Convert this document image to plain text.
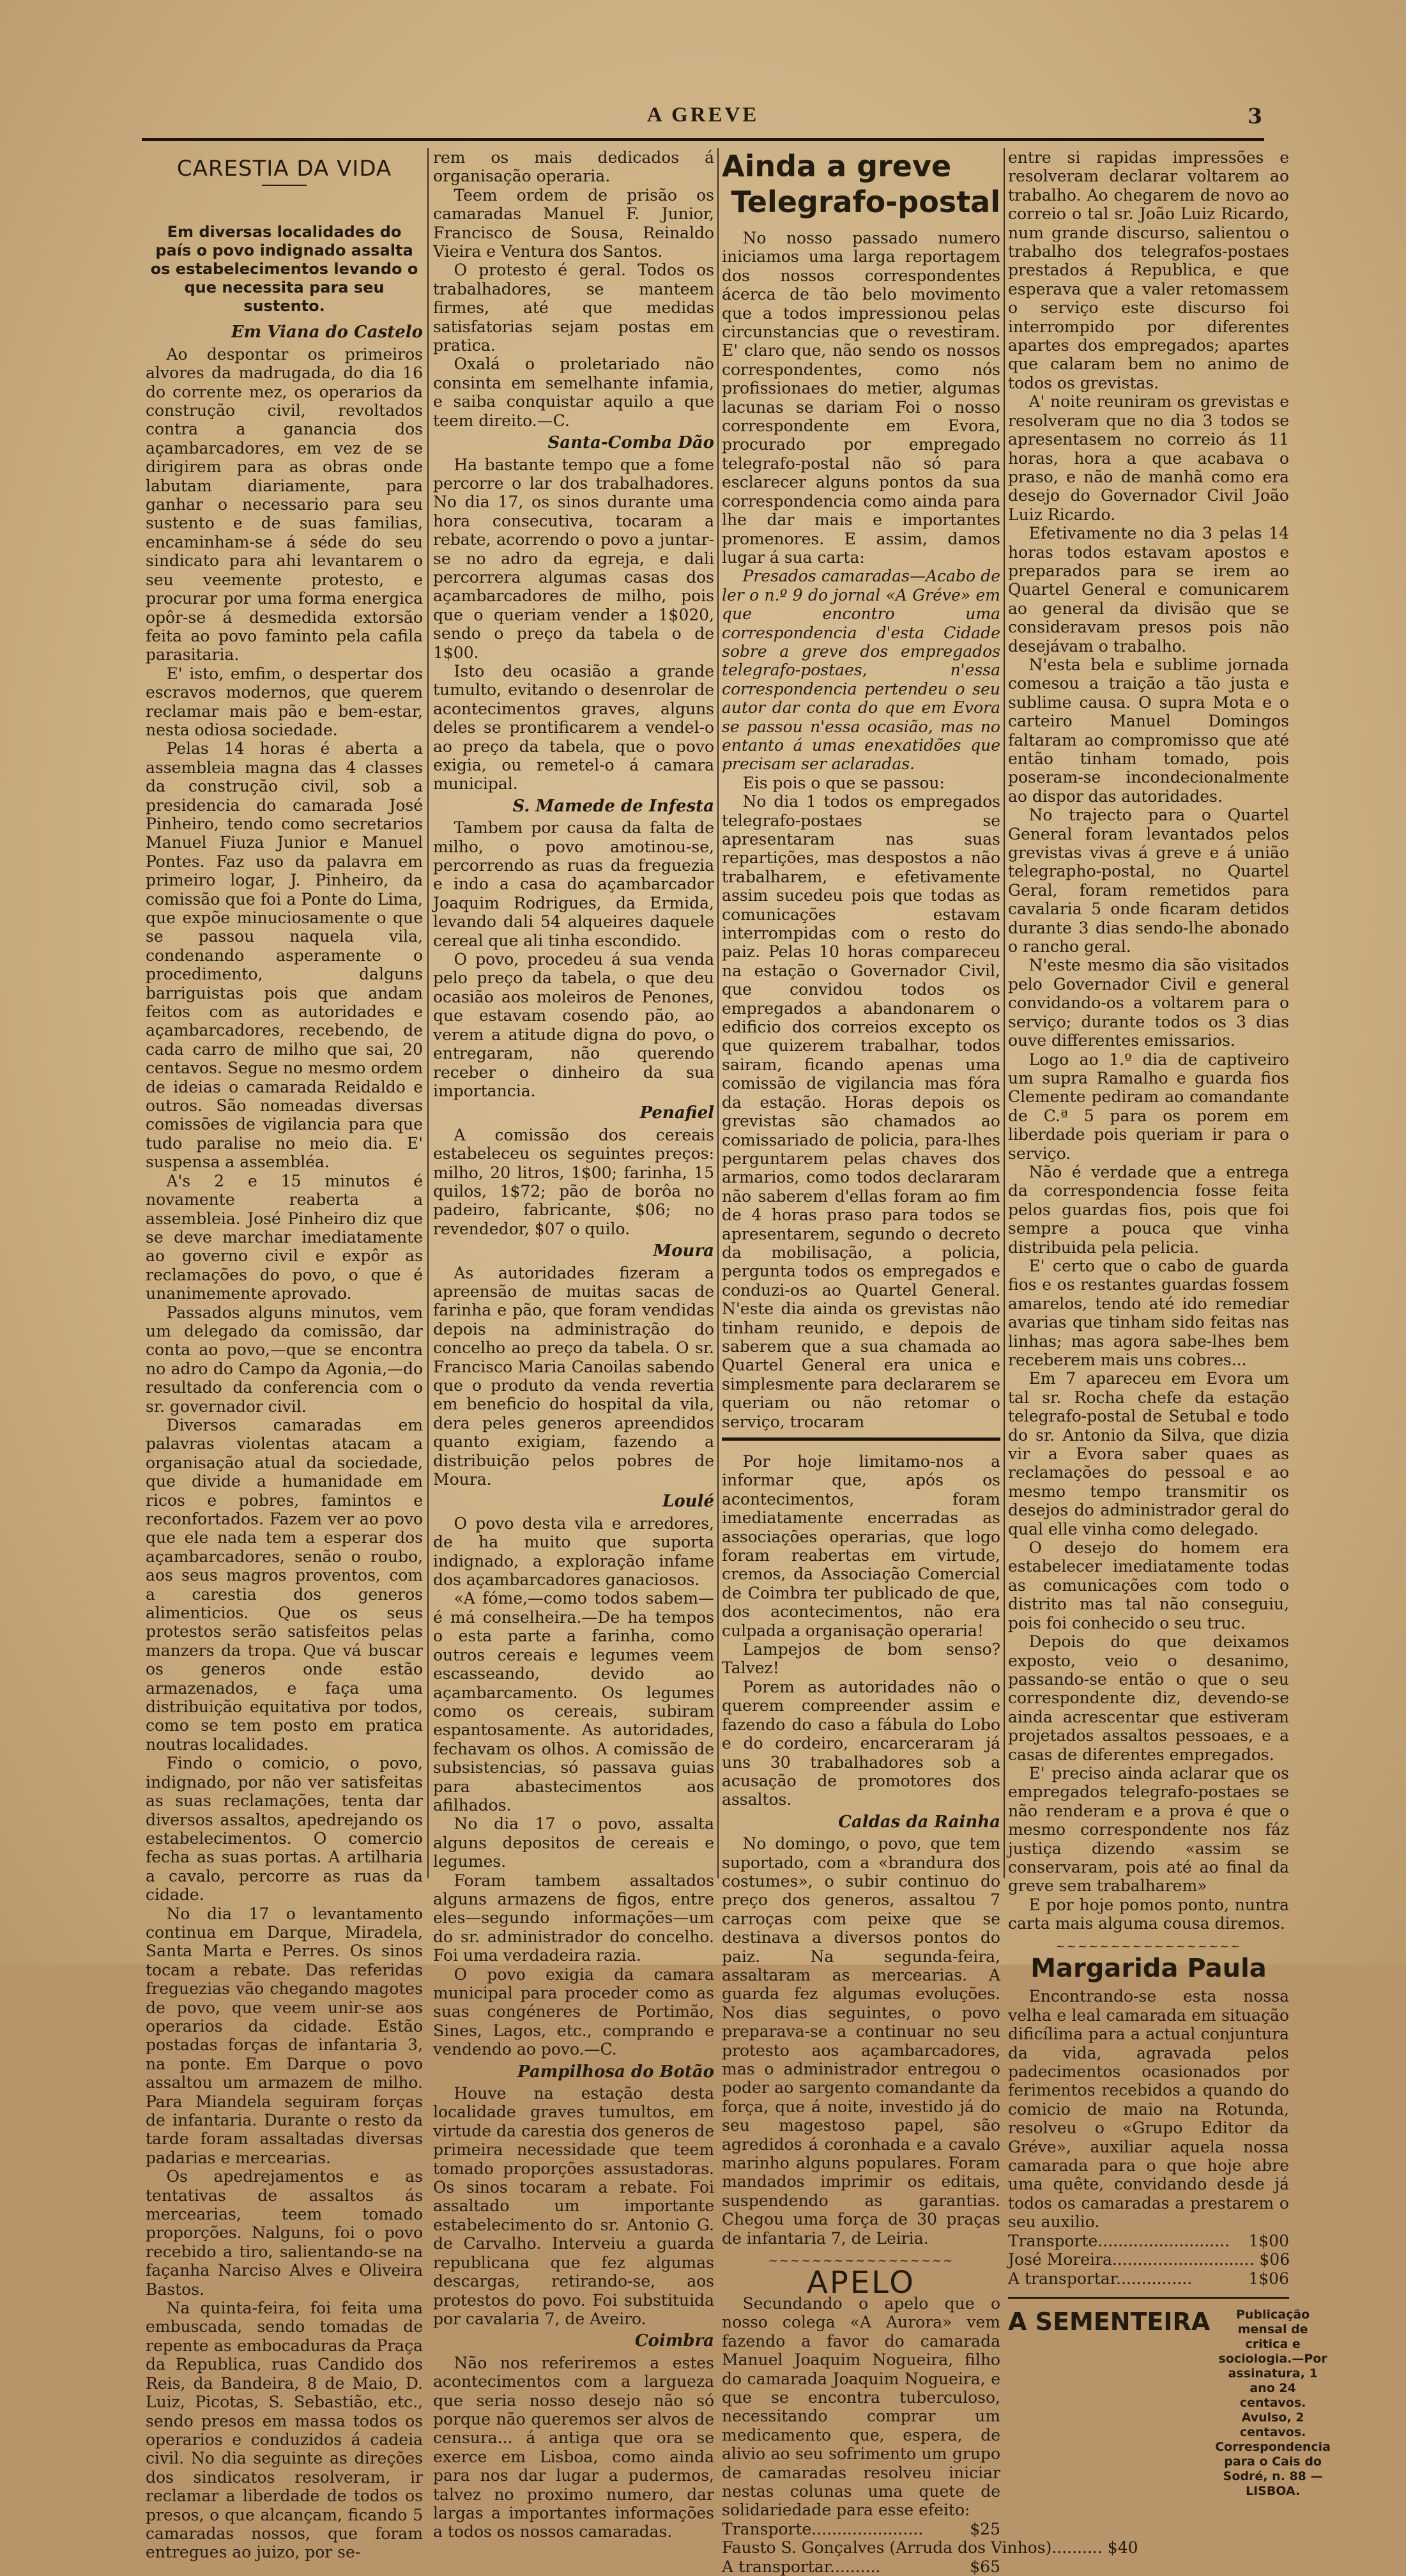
A GREVE	3
CARESTIA DA VIDA
Em diversas localidades do país o povo indignado assalta os estabelecimentos levando o que necessita para seu sustento.
Em Viana do Castelo

Ao despontar os primeiros alvores da madrugada, do dia 16 do corrente mez, os operarios da construção civil, revoltados contra a ganancia dos açambarcadores, em vez de se dirigirem para as obras onde labutam diariamente, para ganhar o necessario para seu sustento e de suas familias, encaminham-se á séde do seu sindicato para ahi levantarem o seu veemente protesto, e procurar por uma forma energica opôr-se á desmedida extorsão feita ao povo faminto pela cafila parasitaria.

E' isto, emfim, o despertar dos escravos modernos, que querem reclamar mais pão e bem-estar, nesta odiosa sociedade.

Pelas 14 horas é aberta a assembleia magna das 4 classes da construção civil, sob a presidencia do camarada José Pinheiro, tendo como secretarios Manuel Fiuza Junior e Manuel Pontes. Faz uso da palavra em primeiro logar, J. Pinheiro, da comissão que foi a Ponte do Lima, que expõe minuciosamente o que se passou naquela vila, condenando asperamente o procedimento, dalguns barriguistas pois que andam feitos com as autoridades e açambarcadores, recebendo, de cada carro de milho que sai, 20 centavos. Segue no mesmo ordem de ideias o camarada Reidaldo e outros. São nomeadas diversas comissões de vigilancia para que tudo paralise no meio dia. E' suspensa a assembléa.

A's 2 e 15 minutos é novamente reaberta a assembleia. José Pinheiro diz que se deve marchar imediatamente ao governo civil e expôr as reclamações do povo, o que é unanimemente aprovado.

Passados alguns minutos, vem um delegado da comissão, dar conta ao povo,—que se encontra no adro do Campo da Agonia,—do resultado da conferencia com o sr. governador civil.

Diversos camaradas em palavras violentas atacam a organisação atual da sociedade, que divide a humanidade em ricos e pobres, famintos e reconfortados. Fazem ver ao povo que ele nada tem a esperar dos açambarcadores, senão o roubo, aos seus magros proventos, com a carestia dos generos alimenticios. Que os seus protestos serão satisfeitos pelas manzers da tropa. Que vá buscar os generos onde estão armazenados, e faça uma distribuição equitativa por todos, como se tem posto em pratica noutras localidades.

Findo o comicio, o povo, indignado, por não ver satisfeitas as suas reclamações, tenta dar diversos assaltos, apedrejando os estabelecimentos. O comercio fecha as suas portas. A artilharia a cavalo, percorre as ruas da cidade.

No dia 17 o levantamento continua em Darque, Miradela, Santa Marta e Perres. Os sinos tocam a rebate. Das referidas freguezias vão chegando magotes de povo, que veem unir-se aos operarios da cidade. Estão postadas forças de infantaria 3, na ponte. Em Darque o povo assaltou um armazem de milho. Para Miandela seguiram forças de infantaria. Durante o resto da tarde foram assaltadas diversas padarias e mercearias.

Os apedrejamentos e as tentativas de assaltos ás mercearias, teem tomado proporções. Nalguns, foi o povo recebido a tiro, salientando-se na façanha Narciso Alves e Oliveira Bastos.

Na quinta-feira, foi feita uma embuscada, sendo tomadas de repente as embocaduras da Praça da Republica, ruas Candido dos Reis, da Bandeira, 8 de Maio, D. Luiz, Picotas, S. Sebastião, etc., sendo presos em massa todos os operarios e conduzidos á cadeia civil. No dia seguinte as direções dos sindicatos resolveram, ir reclamar a liberdade de todos os presos, o que alcançam, ficando 5 camaradas nossos, que foram entregues ao juizo, por se-

rem os mais dedicados á organisação operaria.

Teem ordem de prisão os camaradas Manuel F. Junior, Francisco de Sousa, Reinaldo Vieira e Ventura dos Santos.

O protesto é geral. Todos os trabalhadores, se manteem firmes, até que medidas satisfatorias sejam postas em pratica.

Oxalá o proletariado não consinta em semelhante infamia, e saiba conquistar aquilo a que teem direito.—C.

Santa-Comba Dão

Ha bastante tempo que a fome percorre o lar dos trabalhadores. No dia 17, os sinos durante uma hora consecutiva, tocaram a rebate, acorrendo o povo a juntar-se no adro da egreja, e dali percorrera algumas casas dos açambarcadores de milho, pois que o queriam vender a 1$020, sendo o preço da tabela o de 1$00.

Isto deu ocasião a grande tumulto, evitando o desenrolar de acontecimentos graves, alguns deles se prontificarem a vendel-o ao preço da tabela, que o povo exigia, ou remetel-o á camara municipal.

S. Mamede de Infesta

Tambem por causa da falta de milho, o povo amotinou-se, percorrendo as ruas da freguezia e indo a casa do açambarcador Joaquim Rodrigues, da Ermida, levando dali 54 alqueires daquele cereal que ali tinha escondido.

O povo, procedeu á sua venda pelo preço da tabela, o que deu ocasião aos moleiros de Penones, que estavam cosendo pão, ao verem a atitude digna do povo, o entregaram, não querendo receber o dinheiro da sua importancia.

Penafiel

A comissão dos cereais estabeleceu os seguintes preços: milho, 20 litros, 1$00; farinha, 15 quilos, 1$72; pão de borôa no padeiro, fabricante, $06; no revendedor, $07 o quilo.

Moura

As autoridades fizeram a apreensão de muitas sacas de farinha e pão, que foram vendidas depois na administração do concelho ao preço da tabela. O sr. Francisco Maria Canoilas sabendo que o produto da venda revertia em beneficio do hospital da vila, dera peles generos apreendidos quanto exigiam, fazendo a distribuição pelos pobres de Moura.

Loulé

O povo desta vila e arredores, de ha muito que suporta indignado, a exploração infame dos açambarcadores ganaciosos.

«A fóme,—como todos sabem—é má conselheira.—De ha tempos o esta parte a farinha, como outros cereais e legumes veem escasseando, devido ao açambarcamento. Os legumes como os cereais, subiram espantosamente. As autoridades, fechavam os olhos. A comissão de subsistencias, só passava guias para abastecimentos aos afilhados.

No dia 17 o povo, assalta alguns depositos de cereais e legumes.

Foram tambem assaltados alguns armazens de figos, entre eles—segundo informações—um do sr. administrador do concelho. Foi uma verdadeira razia.

O povo exigia da camara municipal para proceder como as suas congéneres de Portimão, Sines, Lagos, etc., comprando e vendendo ao povo.—C.

Pampilhosa do Botão

Houve na estação desta localidade graves tumultos, em virtude da carestia dos generos de primeira necessidade que teem tomado proporções assustadoras. Os sinos tocaram a rebate. Foi assaltado um importante estabelecimento do sr. Antonio G. de Carvalho. Interveiu a guarda republicana que fez algumas descargas, retirando-se, aos protestos do povo. Foi substituida por cavalaria 7, de Aveiro.

Coimbra

Não nos referiremos a estes acontecimentos com a largueza que seria nosso desejo não só porque não queremos ser alvos de censura... á antiga que ora se exerce em Lisboa, como ainda para nos dar lugar a pudermos, talvez no proximo numero, dar largas a importantes informações a todos os nossos camaradas.

Ainda a greve
Telegrafo-postal

No nosso passado numero iniciamos uma larga reportagem dos nossos correspondentes ácerca de tão belo movimento que a todos impressionou pelas circunstancias que o revestiram. E' claro que, não sendo os nossos correspondentes, como nós profissionaes do metier, algumas lacunas se dariam Foi o nosso correspondente em Evora, procurado por empregado telegrafo-postal não só para esclarecer alguns pontos da sua correspondencia como ainda para lhe dar mais e importantes promenores. E assim, damos lugar á sua carta:

Presados camaradas—Acabo de ler o n.º 9 do jornal «A Gréve» em que encontro uma correspondencia d'esta Cidade sobre a greve dos empregados telegrafo-postaes, n'essa correspondencia pertendeu o seu autor dar conta do que em Evora se passou n'essa ocasião, mas no entanto á umas enexatidões que precisam ser aclaradas.

Eis pois o que se passou:

No dia 1 todos os empregados telegrafo-postaes se apresentaram nas suas repartições, mas despostos a não trabalharem, e efetivamente assim sucedeu pois que todas as comunicações estavam interrompidas com o resto do paiz. Pelas 10 horas compareceu na estação o Governador Civil, que convidou todos os empregados a abandonarem o edificio dos correios excepto os que quizerem trabalhar, todos sairam, ficando apenas uma comissão de vigilancia mas fóra da estação. Horas depois os grevistas são chamados ao comissariado de policia, para-lhes perguntarem pelas chaves dos armarios, como todos declararam não saberem d'ellas foram ao fim de 4 horas praso para todos se apresentarem, segundo o decreto da mobilisação, a policia, pergunta todos os empregados e conduzi-os ao Quartel General. N'este dia ainda os grevistas não tinham reunido, e depois de saberem que a sua chamada ao Quartel General era unica e simplesmente para declararem se queriam ou não retomar o serviço, trocaram

Por hoje limitamo-nos a informar que, após os acontecimentos, foram imediatamente encerradas as associações operarias, que logo foram reabertas em virtude, cremos, da Associação Comercial de Coimbra ter publicado de que, dos acontecimentos, não era culpada a organisação operaria!

Lampejos de bom senso? Talvez!

Porem as autoridades não o querem compreender assim e fazendo do caso a fábula do Lobo e do cordeiro, encarceraram já uns 30 trabalhadores sob a acusação de promotores dos assaltos.

Caldas da Rainha

No domingo, o povo, que tem suportado, com a «brandura dos costumes», o subir continuo do preço dos generos, assaltou 7 carroças com peixe que se destinava a diversos pontos do paiz. Na segunda-feira, assaltaram as mercearias. A guarda fez algumas evoluções. Nos dias seguintes, o povo preparava-se a continuar no seu protesto aos açambarcadores, mas o administrador entregou o poder ao sargento comandante da força, que á noite, investido já do seu magestoso papel, são agredidos á coronhada e a cavalo marinho alguns populares. Foram mandados imprimir os editais, suspendendo as garantias. Chegou uma força de 30 praças de infantaria 7, de Leiria.

~~~~~~~~~~~~~~~~~
APELO

Secundando o apelo que o nosso colega «A Aurora» vem fazendo a favor do camarada Manuel Joaquim Nogueira, filho do camarada Joaquim Nogueira, e que se encontra tuberculoso, necessitando comprar um medicamento que, espera, de alivio ao seu sofrimento um grupo de camaradas resolveu iniciar nestas colunas uma quete de solidariedade para esse efeito:

Transporte......................	$25
Fausto S. Gonçalves (Arruda dos Vinhos).......... $40
A transportar..........	$65

entre si rapidas impressões e resolveram declarar voltarem ao trabalho. Ao chegarem de novo ao correio o tal sr. João Luiz Ricardo, num grande discurso, salientou o trabalho dos telegrafos-postaes prestados á Republica, e que esperava que a valer retomassem o serviço este discurso foi interrompido por diferentes apartes dos empregados; apartes que calaram bem no animo de todos os grevistas.

A' noite reuniram os grevistas e resolveram que no dia 3 todos se apresentasem no correio ás 11 horas, hora a que acabava o praso, e não de manhã como era desejo do Governador Civil João Luiz Ricardo.

Efetivamente no dia 3 pelas 14 horas todos estavam apostos e preparados para se irem ao Quartel General e comunicarem ao general da divisão que se consideravam presos pois não desejávam o trabalho.

N'esta bela e sublime jornada comesou a traição a tão justa e sublime causa. O supra Mota e o carteiro Manuel Domingos faltaram ao compromisso que até então tinham tomado, pois poseram-se incondecionalmente ao dispor das autoridades.

No trajecto para o Quartel General foram levantados pelos grevistas vivas á greve e á união telegrapho-postal, no Quartel Geral, foram remetidos para cavalaria 5 onde ficaram detidos durante 3 dias sendo-lhe abonado o rancho geral.

N'este mesmo dia são visitados pelo Governador Civil e general convidando-os a voltarem para o serviço; durante todos os 3 dias ouve differentes emissarios.

Logo ao 1.º dia de captiveiro um supra Ramalho e guarda fios Clemente pediram ao comandante de C.ª 5 para os porem em liberdade pois queriam ir para o serviço.

Não é verdade que a entrega da correspondencia fosse feita pelos guardas fios, pois que foi sempre a pouca que vinha distribuida pela pelicia.

E' certo que o cabo de guarda fios e os restantes guardas fossem amarelos, tendo até ido remediar avarias que tinham sido feitas nas linhas; mas agora sabe-lhes bem receberem mais uns cobres...

Em 7 apareceu em Evora um tal sr. Rocha chefe da estação telegrafo-postal de Setubal e todo do sr. Antonio da Silva, que dizia vir a Evora saber quaes as reclamações do pessoal e ao mesmo tempo transmitir os desejos do administrador geral do qual elle vinha como delegado.

O desejo do homem era estabelecer imediatamente todas as comunicações com todo o distrito mas tal não conseguiu, pois foi conhecido o seu truc.

Depois do que deixamos exposto, veio o desanimo, passando-se então o que o seu correspondente diz, devendo-se ainda acrescentar que estiveram projetados assaltos pessoaes, e a casas de diferentes empregados.

E' preciso ainda aclarar que os empregados telegrafo-postaes se não renderam e a prova é que o mesmo correspondente nos fáz justiça dizendo «assim se conservaram, pois até ao final da greve sem trabalharem»

E por hoje pomos ponto, nuntra carta mais alguma cousa diremos.

~~~~~~~~~~~~~~~~~
Margarida Paula

Encontrando-se esta nossa velha e leal camarada em situação dificílima para a actual conjuntura da vida, agravada pelos padecimentos ocasionados por ferimentos recebidos a quando do comicio de maio na Rotunda, resolveu o «Grupo Editor da Gréve», auxiliar aquela nossa camarada para o que hoje abre uma quête, convidando desde já todos os camaradas a prestarem o seu auxilio.

Transporte..........................	1$00
José Moreira............................ $06
A transportar...............	1$06
A SEMENTEIRA	Publicação mensal de critica e sociologia.—Por assinatura, 1 ano 24 centavos. Avulso, 2 centavos. Correspondencia para o Cais do Sodré, n. 88 — LISBOA.
